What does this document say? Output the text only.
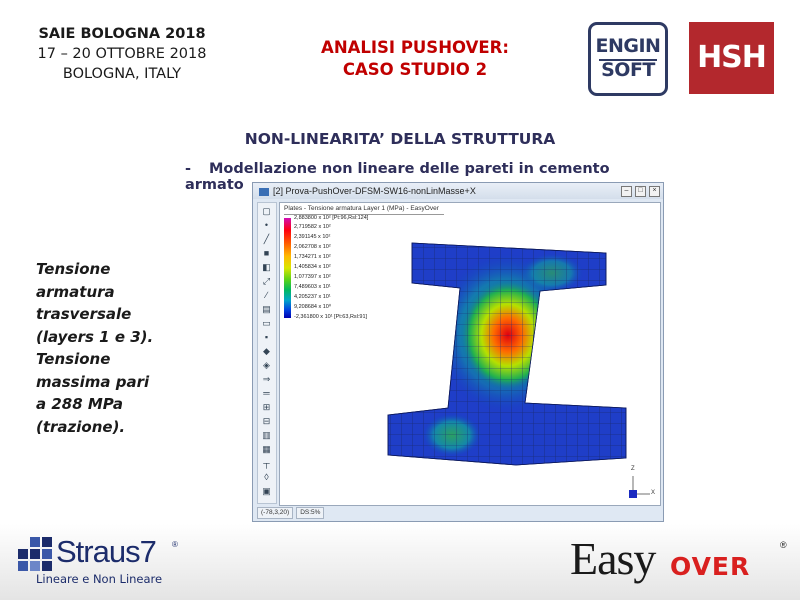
SAIE BOLOGNA 2018
17 – 20 OTTOBRE 2018
BOLOGNA, ITALY
ANALISI PUSHOVER:
CASO STUDIO 2
ENGIN
SOFT	HSH
NON-LINEARITA’ DELLA STRUTTURA
- Modellazione non lineare delle pareti in cemento armato
Tensione
armatura
trasversale
(layers 1 e 3).
Tensione
massima pari
a 288 MPa
(trazione).
[2] Prova-PushOver-DFSM-SW16-nonLinMasse+X	–	□	×
▢
•
╱
■
◧
⤢
∕
▤
▭
▪
◆
◈
⇒
═
⊞
⊟
▥
▦
┬
◊
▣
Plates - Tensione armatura Layer 1 (MPa) - EasyOver
2,883800 x 10² [Pt:96,Rsl:124]
2,719582 x 10²
2,391145 x 10²
2,062708 x 10²
1,734271 x 10²
1,405834 x 10²
1,077397 x 10²
7,489603 x 10¹
4,205237 x 10¹
9,208684 x 10⁰
-2,361800 x 10¹ [Pt:63,Rsl:91]
Z
X
(-78,3,20) DS:5%
Straus7 ®
Lineare e Non Lineare	Easy OVER
®
